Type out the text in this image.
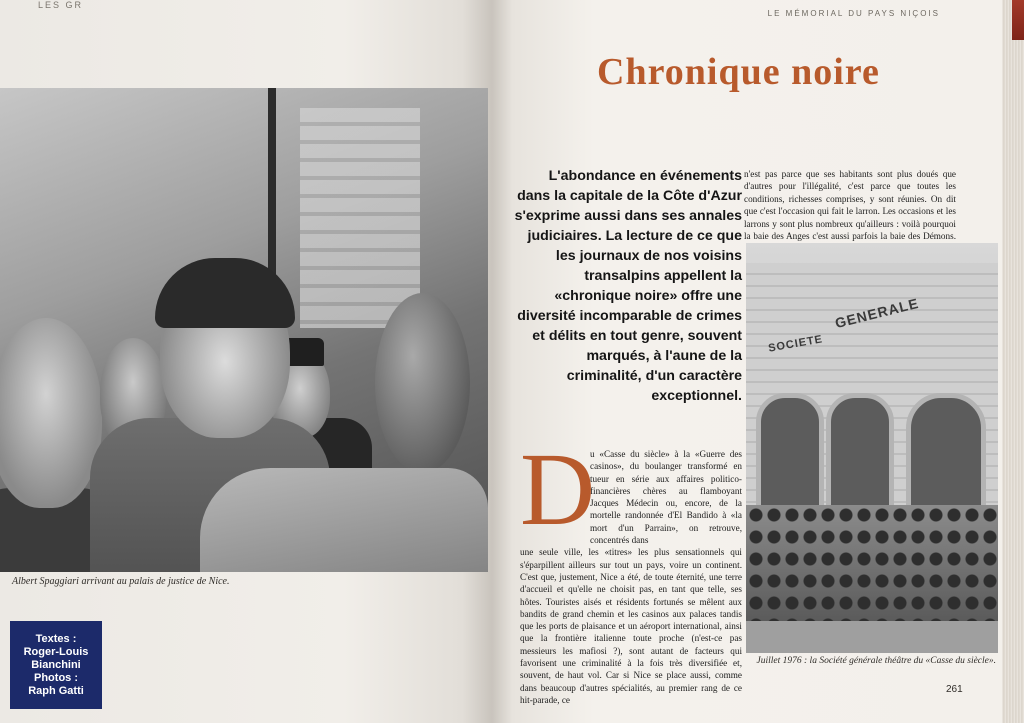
LES GR
Albert Spaggiari arrivant au palais de justice de Nice.
Textes :
Roger-Louis Bianchini
Photos :
Raph Gatti
LE MÉMORIAL DU PAYS NIÇOIS
Chronique noire
L'abondance en événements dans la capitale de la Côte d'Azur s'exprime aussi dans ses annales judiciaires. La lecture de ce que les journaux de nos voisins transalpins appellent la «chronique noire» offre une diversité incomparable de crimes et délits en tout genre, souvent marqués, à l'aune de la criminalité, d'un caractère exceptionnel.
n'est pas parce que ses habitants sont plus doués que d'autres pour l'illégalité, c'est parce que toutes les conditions, richesses comprises, y sont réunies. On dit que c'est l'occasion qui fait le larron. Les occasions et les larrons y sont plus nombreux qu'ailleurs : voilà pourquoi la baie des Anges c'est aussi parfois la baie des Démons.
SOCIETE
GENERALE
Juillet 1976 : la Société générale théâtre du «Casse du siècle».
u «Casse du siècle» à la «Guerre des casinos», du boulanger transformé en tueur en série aux affaires politico-financières chères au flamboyant Jacques Médecin ou, encore, de la mortelle randonnée d'El Bandido à «la mort d'un Parrain», on retrouve, concentrés dans
une seule ville, les «titres» les plus sensationnels qui s'éparpillent ailleurs sur tout un pays, voire un continent. C'est que, justement, Nice a été, de toute éternité, une terre d'accueil et qu'elle ne choisit pas, en tant que telle, ses hôtes. Touristes aisés et résidents fortunés se mêlent aux bandits de grand chemin et les casinos aux palaces tandis que les ports de plaisance et un aéroport international, ainsi que la frontière italienne toute proche (n'est-ce pas messieurs les mafiosi ?), sont autant de facteurs qui favorisent une criminalité à la fois très diversifiée et, souvent, de haut vol. Car si Nice se place aussi, comme dans beaucoup d'autres spécialités, au premier rang de ce hit-parade, ce
D
261
